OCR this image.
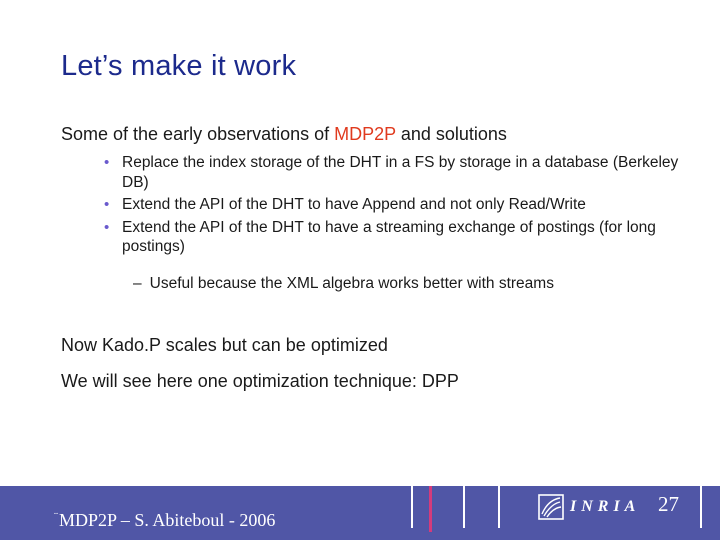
Let’s make it work
Some of the early observations of MDP2P and solutions
• Replace the index storage of the DHT in a FS by storage in a database (Berkeley DB)
• Extend the API of the DHT to have Append and not only Read/Write
• Extend the API of the DHT to have a streaming exchange of postings (for long postings)
– Useful because the XML algebra works better with streams
Now Kado.P scales but can be optimized
We will see here one optimization technique: DPP
¨MDP2P – S. Abiteboul - 2006
INRIA 27
